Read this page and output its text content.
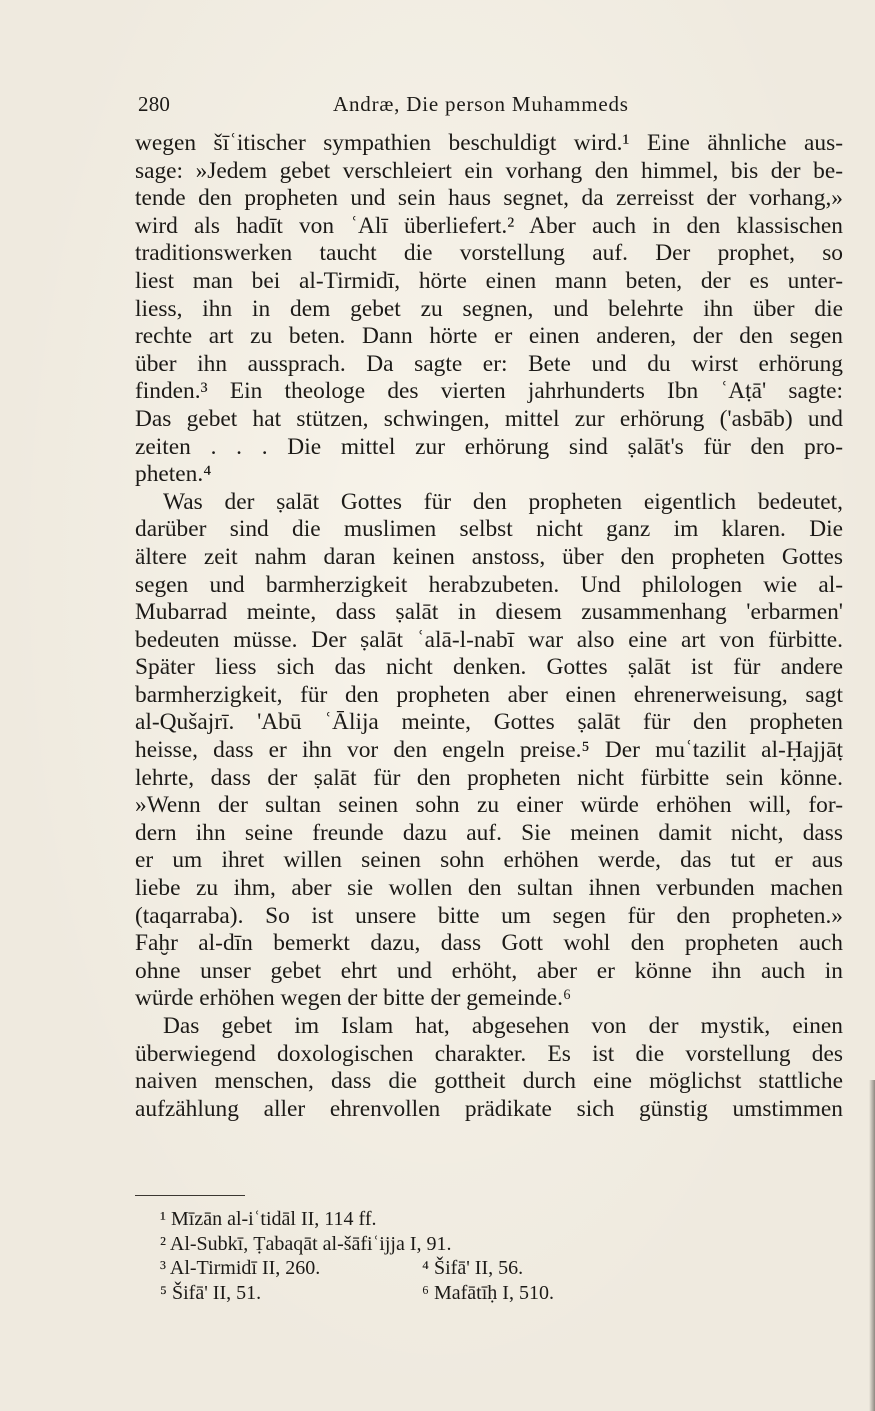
280	Andræ, Die person Muhammeds
wegen šīʿitischer sympathien beschuldigt wird.¹ Eine ähnliche aus-
sage: »Jedem gebet verschleiert ein vorhang den himmel, bis der be-
tende den propheten und sein haus segnet, da zerreisst der vorhang,»
wird als hadīt von ʿAlī überliefert.² Aber auch in den klassischen
traditionswerken taucht die vorstellung auf. Der prophet, so
liest man bei al-Tirmidī, hörte einen mann beten, der es unter-
liess, ihn in dem gebet zu segnen, und belehrte ihn über die
rechte art zu beten. Dann hörte er einen anderen, der den segen
über ihn aussprach. Da sagte er: Bete und du wirst erhörung
finden.³ Ein theologe des vierten jahrhunderts Ibn ʿAṭā' sagte:
Das gebet hat stützen, schwingen, mittel zur erhörung ('asbāb) und
zeiten . . . Die mittel zur erhörung sind ṣalāt's für den pro-
pheten.⁴
Was der ṣalāt Gottes für den propheten eigentlich bedeutet,
darüber sind die muslimen selbst nicht ganz im klaren. Die
ältere zeit nahm daran keinen anstoss, über den propheten Gottes
segen und barmherzigkeit herabzubeten. Und philologen wie al-
Mubarrad meinte, dass ṣalāt in diesem zusammenhang 'erbarmen'
bedeuten müsse. Der ṣalāt ʿalā-l-nabī war also eine art von fürbitte.
Später liess sich das nicht denken. Gottes ṣalāt ist für andere
barmherzigkeit, für den propheten aber einen ehrenerweisung, sagt
al-Qušajrī. 'Abū ʿĀlija meinte, Gottes ṣalāt für den propheten
heisse, dass er ihn vor den engeln preise.⁵ Der muʿtazilit al-Ḥajjāṭ
lehrte, dass der ṣalāt für den propheten nicht fürbitte sein könne.
»Wenn der sultan seinen sohn zu einer würde erhöhen will, for-
dern ihn seine freunde dazu auf. Sie meinen damit nicht, dass
er um ihret willen seinen sohn erhöhen werde, das tut er aus
liebe zu ihm, aber sie wollen den sultan ihnen verbunden machen
(taqarraba). So ist unsere bitte um segen für den propheten.»
Faḫr al-dīn bemerkt dazu, dass Gott wohl den propheten auch
ohne unser gebet ehrt und erhöht, aber er könne ihn auch in
würde erhöhen wegen der bitte der gemeinde.⁶
Das gebet im Islam hat, abgesehen von der mystik, einen
überwiegend doxologischen charakter. Es ist die vorstellung des
naiven menschen, dass die gottheit durch eine möglichst stattliche
aufzählung aller ehrenvollen prädikate sich günstig umstimmen
¹ Mīzān al-iʿtidāl II, 114 ff.
² Al-Subkī, Ṭabaqāt al-šāfiʿijja I, 91.
³ Al-Tirmidī II, 260.	⁴ Šifā' II, 56.
⁵ Šifā' II, 51.	⁶ Mafātīḥ I, 510.
